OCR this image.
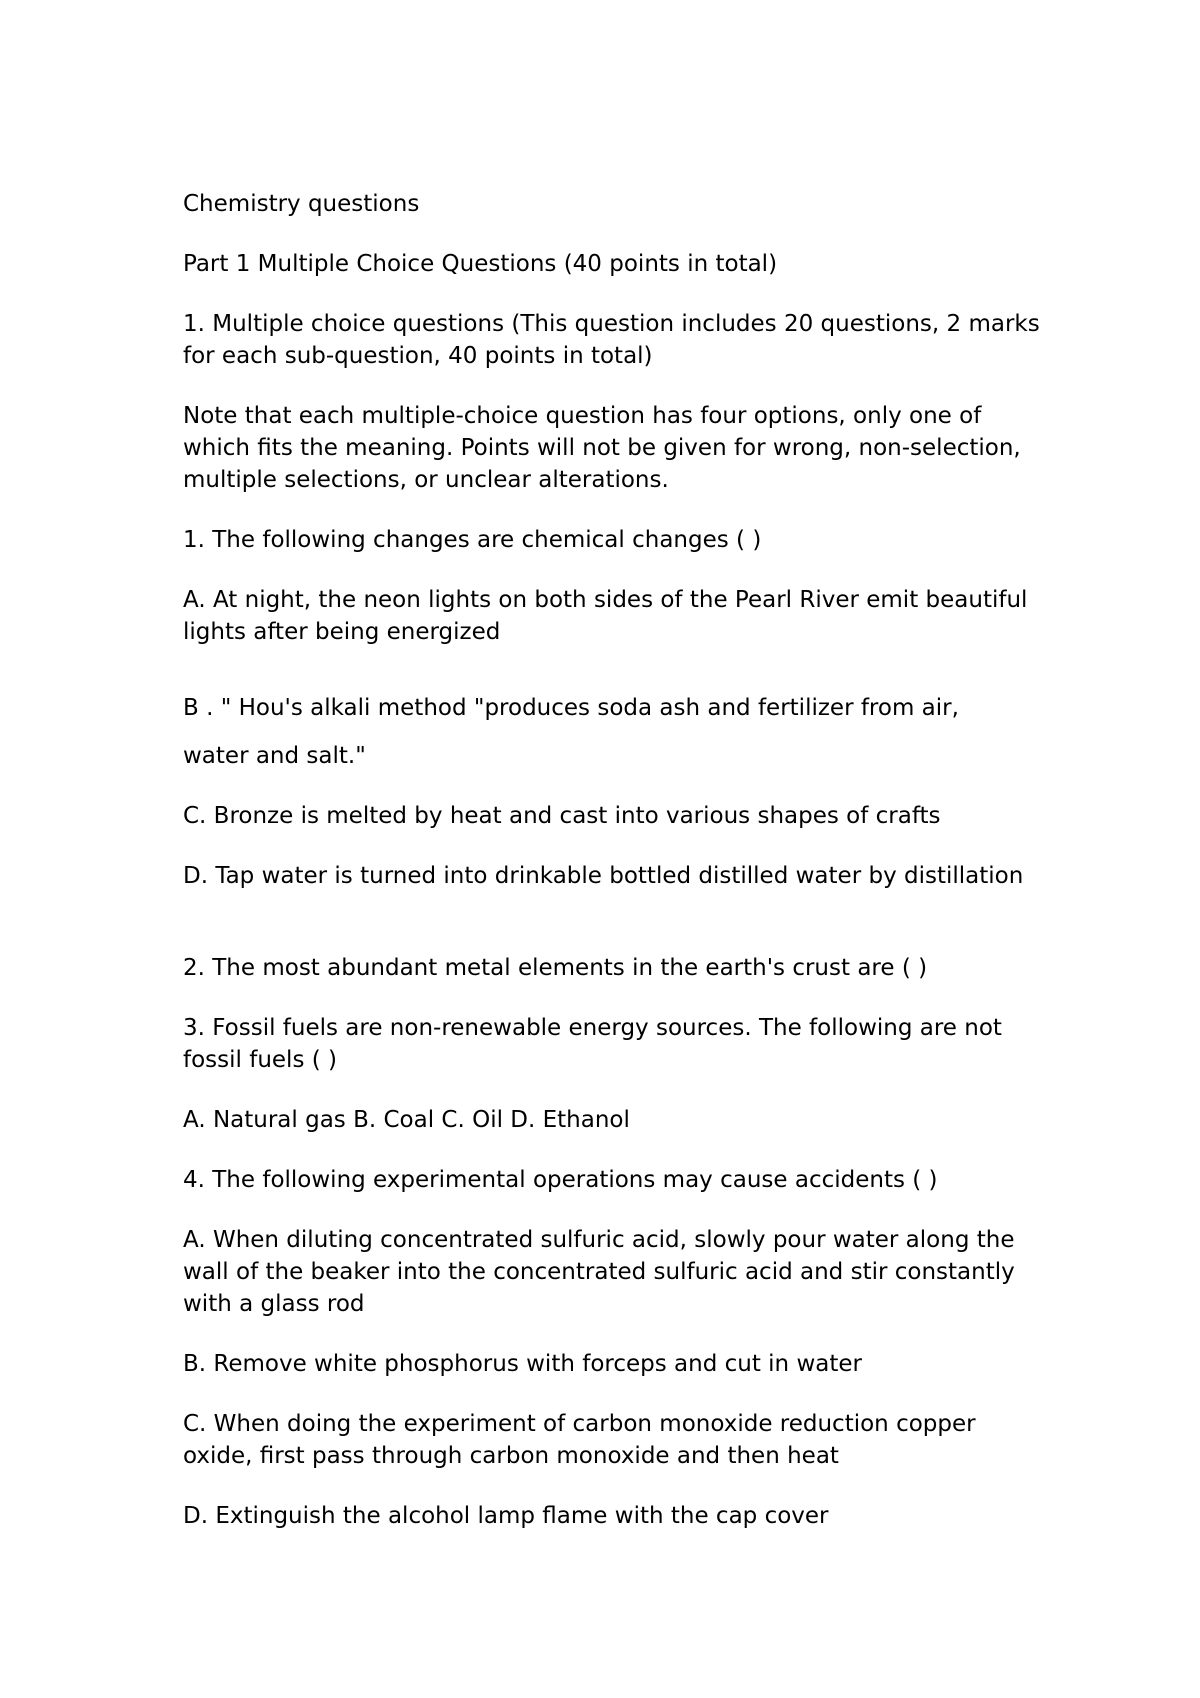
Chemistry questions

Part 1 Multiple Choice Questions (40 points in total)

1. Multiple choice questions (This question includes 20 questions, 2 marks for each sub-question, 40 points in total)

Note that each multiple-choice question has four options, only one of which fits the meaning. Points will not be given for wrong, non-selection, multiple selections, or unclear alterations.

1. The following changes are chemical changes ( )

A. At night, the neon lights on both sides of the Pearl River emit beautiful lights after being energized

B . " Hou's alkali method "produces soda ash and fertilizer from air,

water and salt."

C. Bronze is melted by heat and cast into various shapes of crafts

D. Tap water is turned into drinkable bottled distilled water by distillation

2. The most abundant metal elements in the earth's crust are ( )

3. Fossil fuels are non-renewable energy sources. The following are not fossil fuels ( )

A. Natural gas B. Coal C. Oil D. Ethanol

4. The following experimental operations may cause accidents ( )

A. When diluting concentrated sulfuric acid, slowly pour water along the wall of the beaker into the concentrated sulfuric acid and stir constantly with a glass rod

B. Remove white phosphorus with forceps and cut in water

C. When doing the experiment of carbon monoxide reduction copper oxide, first pass through carbon monoxide and then heat

D. Extinguish the alcohol lamp flame with the cap cover
